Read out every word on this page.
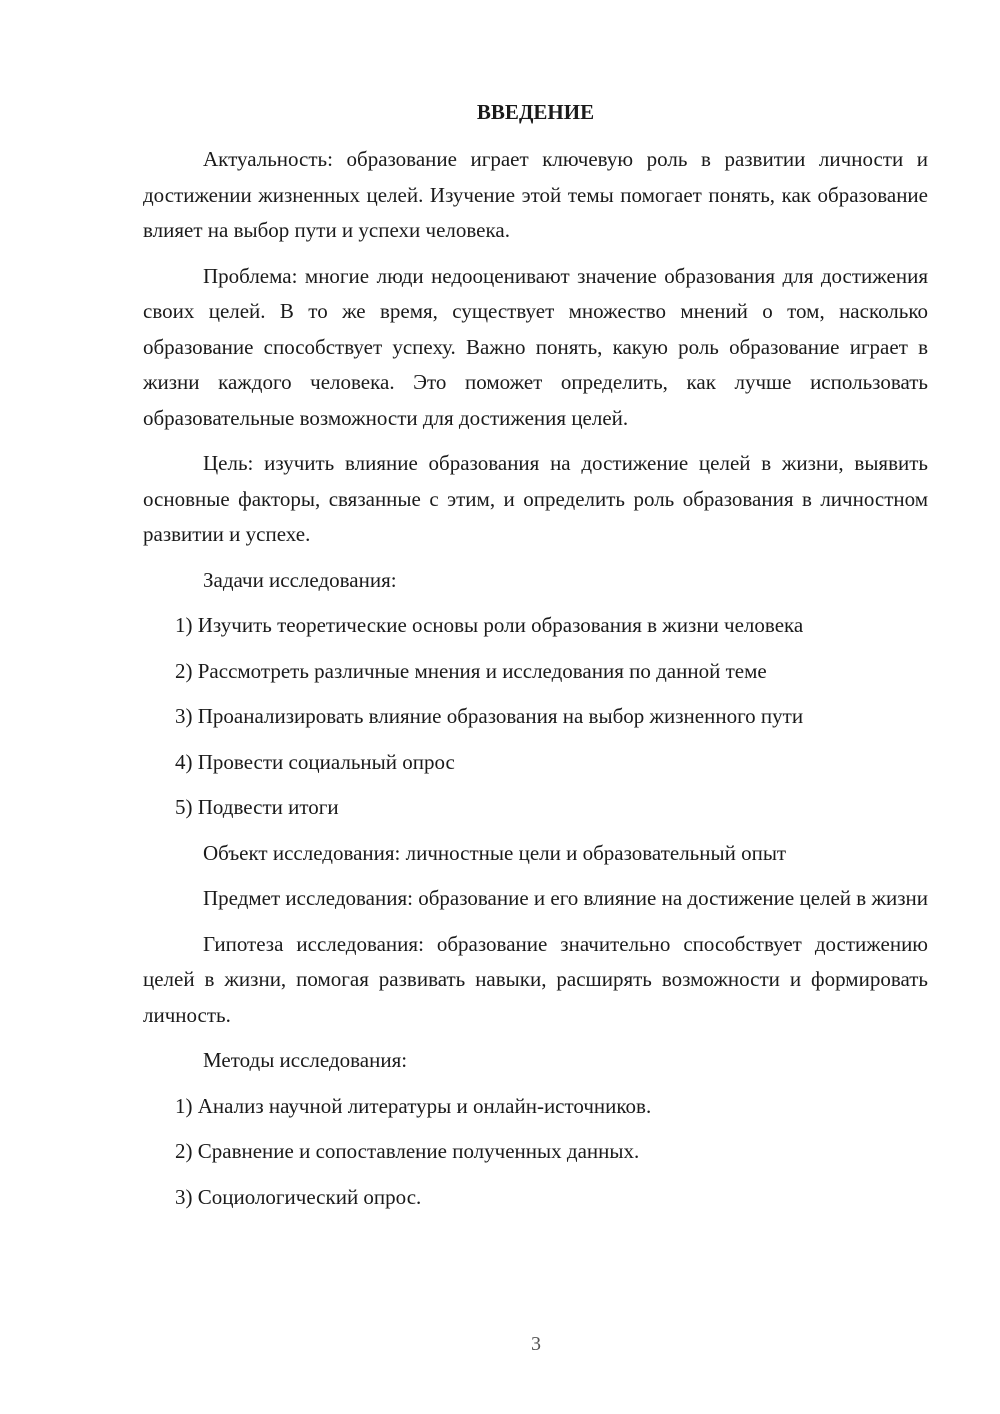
ВВЕДЕНИЕ

Актуальность: образование играет ключевую роль в развитии личности и достижении жизненных целей. Изучение этой темы помогает понять, как образование влияет на выбор пути и успехи человека.

Проблема: многие люди недооценивают значение образования для достижения своих целей. В то же время, существует множество мнений о том, насколько образование способствует успеху. Важно понять, какую роль образование играет в жизни каждого человека. Это поможет определить, как лучше использовать образовательные возможности для достижения целей.

Цель: изучить влияние образования на достижение целей в жизни, выявить основные факторы, связанные с этим, и определить роль образования в личностном развитии и успехе.

Задачи исследования:
1) Изучить теоретические основы роли образования в жизни человека
2) Рассмотреть различные мнения и исследования по данной теме
3) Проанализировать влияние образования на выбор жизненного пути
4) Провести социальный опрос
5) Подвести итоги
Объект исследования: личностные цели и образовательный опыт

Предмет исследования: образование и его влияние на достижение целей в жизни

Гипотеза исследования: образование значительно способствует достижению целей в жизни, помогая развивать навыки, расширять возможности и формировать личность.

Методы исследования:
1) Анализ научной литературы и онлайн-источников.
2) Сравнение и сопоставление полученных данных.
3) Социологический опрос.
3
